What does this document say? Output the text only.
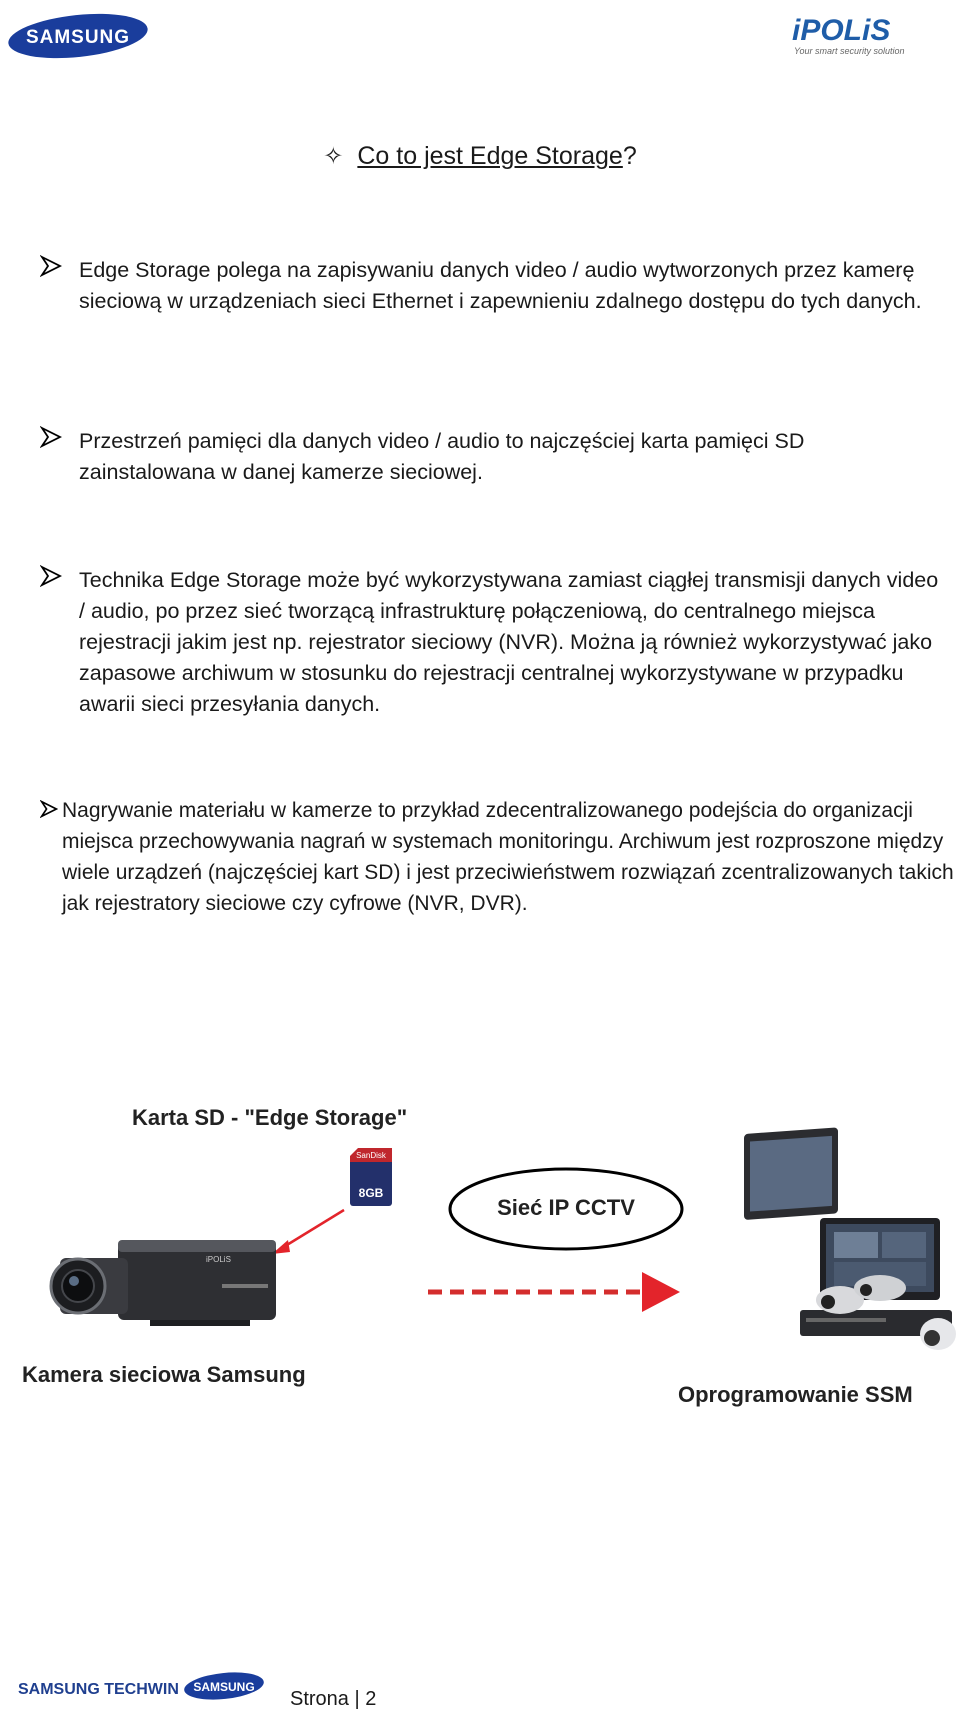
SAMSUNG	iPOLiS
Your smart security solution
✧ Co to jest Edge Storage?
Edge Storage polega na zapisywaniu danych video / audio wytworzonych przez kamerę sieciową w urządzeniach sieci Ethernet i zapewnieniu zdalnego dostępu do tych danych.
Przestrzeń pamięci dla danych video / audio to najczęściej karta pamięci SD zainstalowana w danej kamerze sieciowej.
Technika Edge Storage może być wykorzystywana zamiast ciągłej transmisji danych video / audio, po przez sieć tworzącą infrastrukturę połączeniową, do centralnego miejsca rejestracji jakim jest np. rejestrator sieciowy (NVR). Można ją również wykorzystywać jako zapasowe archiwum w stosunku do rejestracji centralnej wykorzystywane w przypadku awarii sieci przesyłania danych.
Nagrywanie materiału w kamerze to przykład zdecentralizowanego podejścia do organizacji miejsca przechowywania nagrań w systemach monitoringu. Archiwum jest rozproszone między wiele urządzeń (najczęściej kart SD) i jest przeciwieństwem rozwiązań zcentralizowanych takich jak rejestratory sieciowe czy cyfrowe (NVR, DVR).
SanDisk
8GB
iPOLiS
Karta SD - "Edge Storage"
Sieć IP CCTV
Kamera sieciowa Samsung
Oprogramowanie SSM
SAMSUNG TECHWIN SAMSUNG
Strona | 2
